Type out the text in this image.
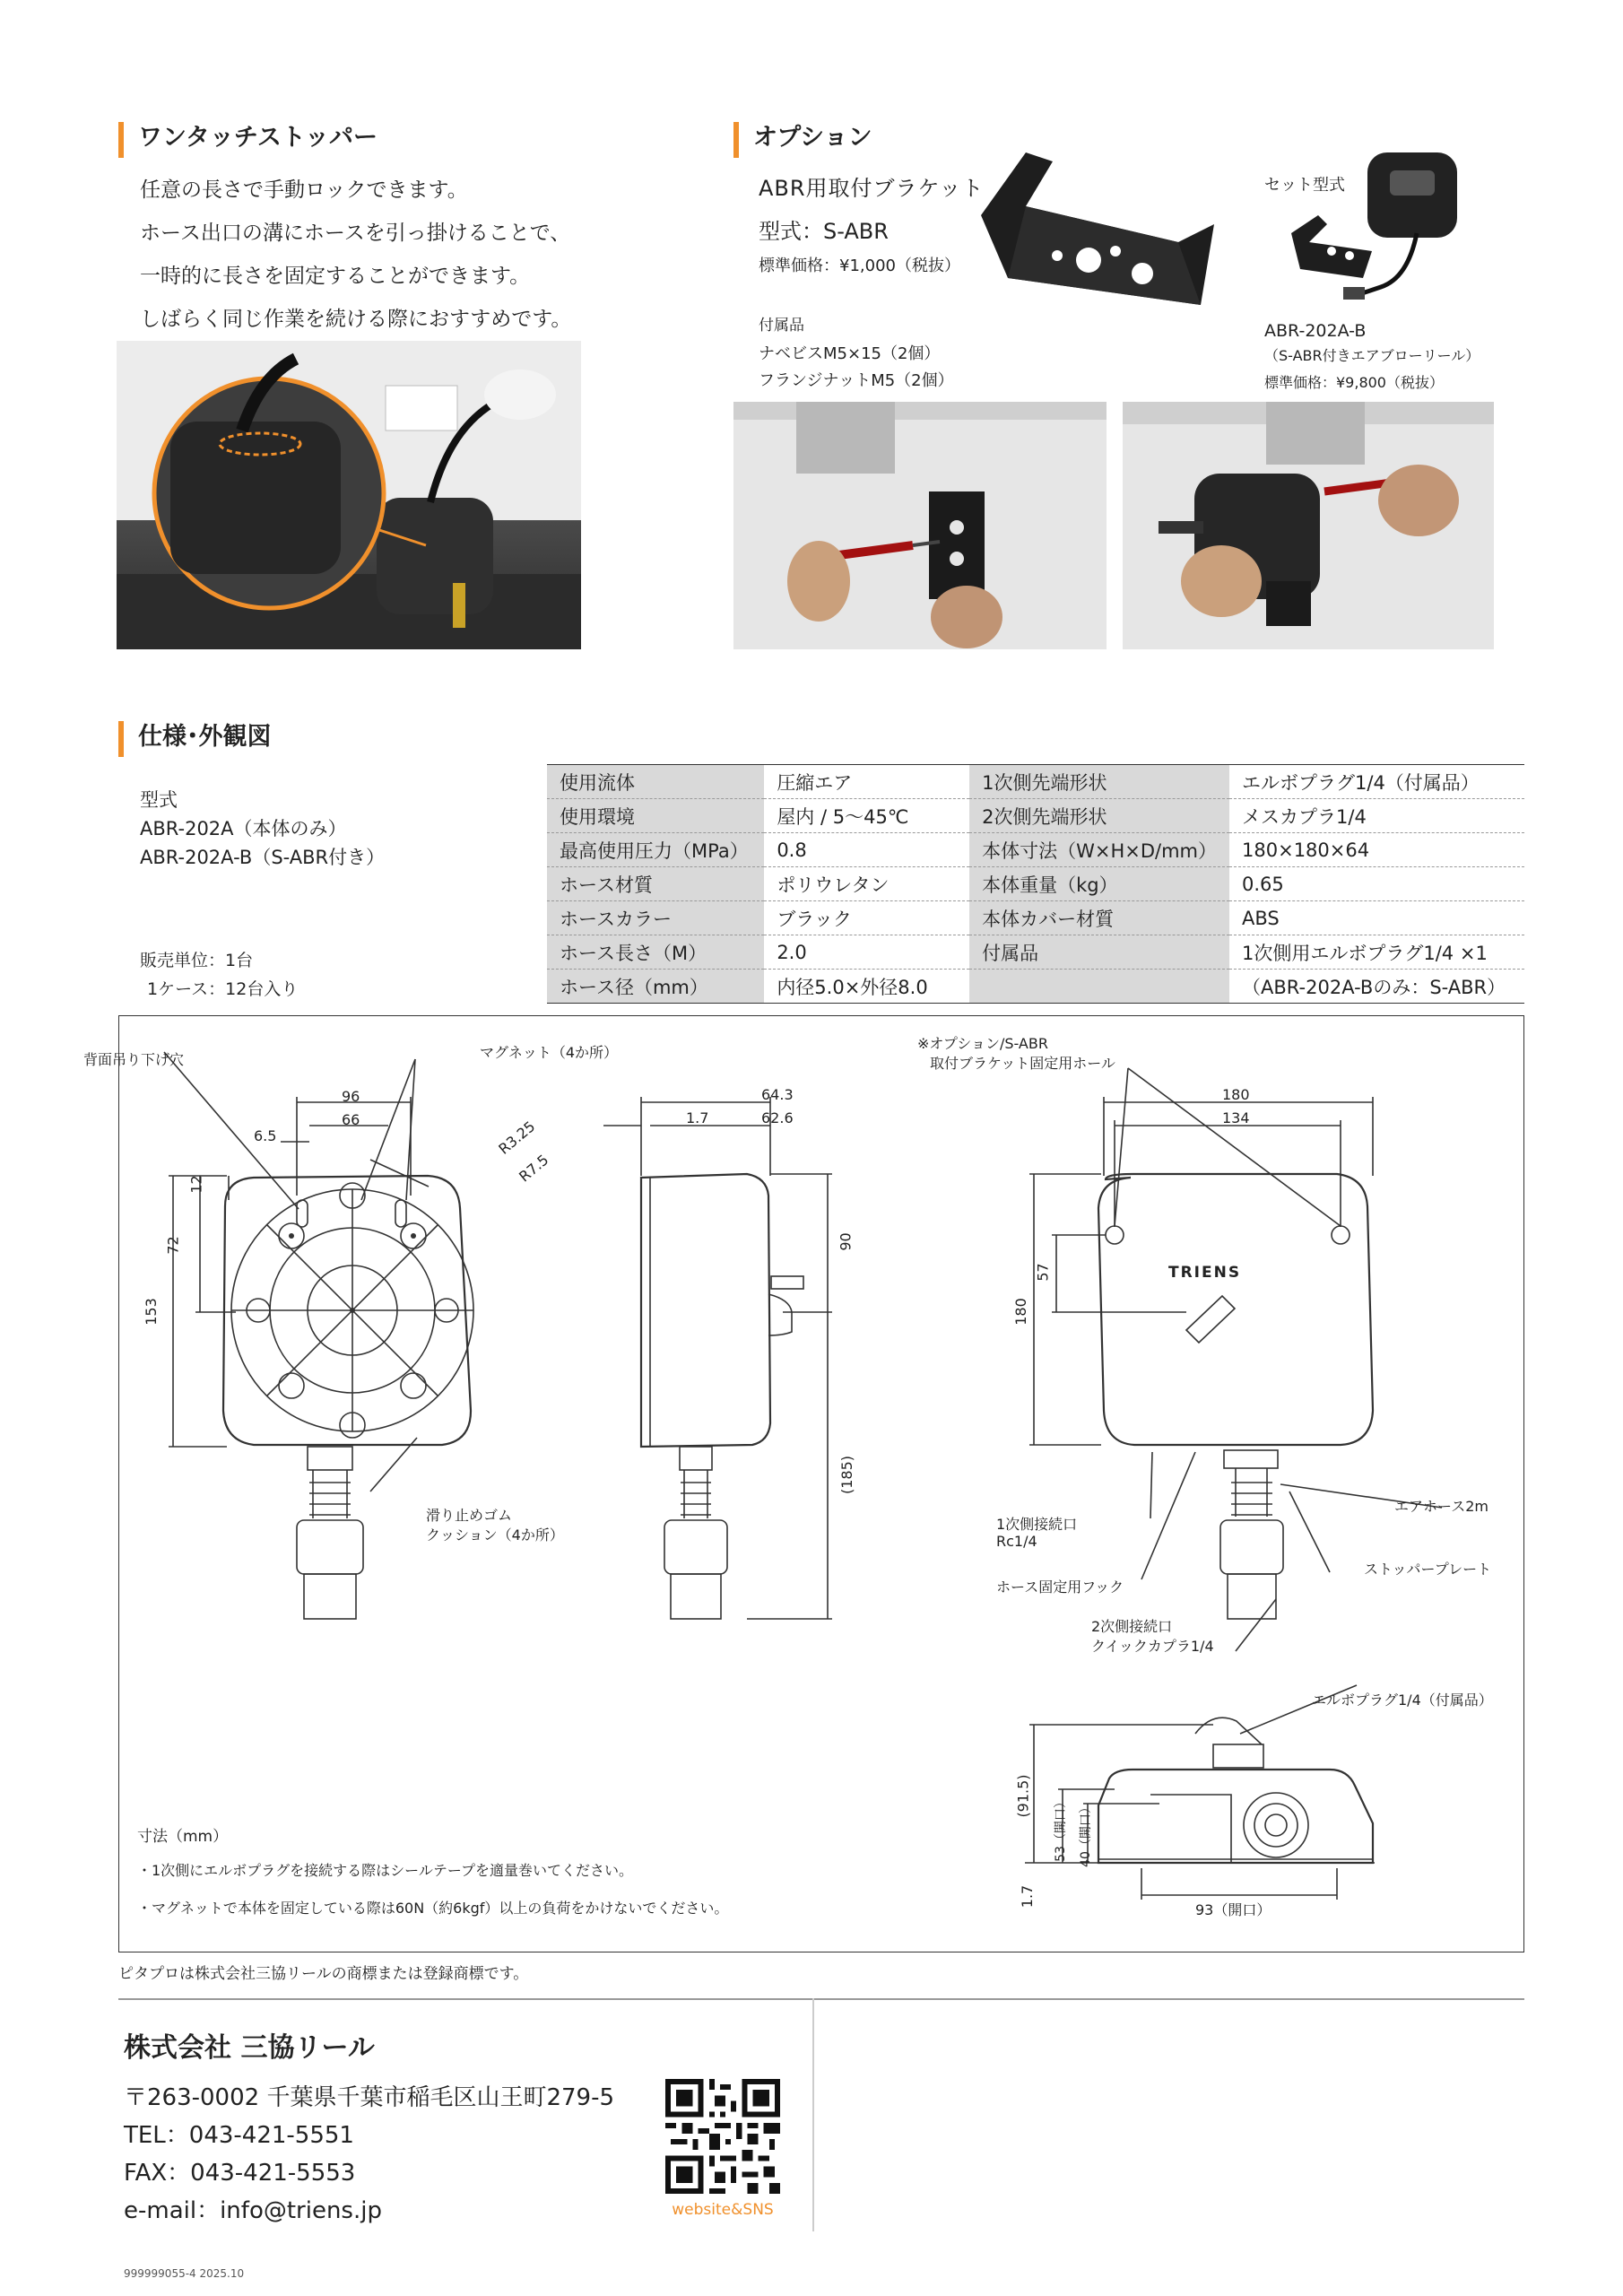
ワンタッチストッパー
任意の長さで手動ロックできます。
ホース出口の溝にホースを引っ掛けることで、
一時的に長さを固定することができます。
しばらく同じ作業を続ける際におすすめです。
オプション
ABR用取付ブラケット
型式：S-ABR
標準価格：¥1,000（税抜）
付属品
ナベビスM5×15（2個）
フランジナットM5（2個）
セット型式
ABR-202A-B
（S-ABR付きエアブローリール）
標準価格：¥9,800（税抜）
仕様･外観図
型式
ABR-202A（本体のみ）
ABR-202A-B（S-ABR付き）
販売単位：1台
1ケース：12台入り
使用流体	圧縮エア	1次側先端形状	エルボプラグ1/4（付属品）
使用環境	屋内 / 5～45℃	2次側先端形状	メスカプラ1/4
最高使用圧力（MPa）	0.8	本体寸法（W×H×D/mm）	180×180×64
ホース材質	ポリウレタン	本体重量（kg）	0.65
ホースカラー	ブラック	本体カバー材質	ABS
ホース長さ（M）	2.0	付属品	1次側用エルボプラグ1/4 ×1
ホース径（mm）	内径5.0×外径8.0		（ABR-202A-Bのみ：S-ABR）
背面吊り下げ穴	マグネット（4か所）
96
66
6.5
12
72
153
R3.25
R7.5
滑り止めゴム
クッション（4か所）
64.3
62.6
1.7
90
(185)
※オプション/S-ABR
取付ブラケット固定用ホール
180
134
57
180
TRIENS
エアホース2m
1次側接続口
Rc1/4
ストッパープレート
ホース固定用フック
2次側接続口
クイックカプラ1/4
エルボプラグ1/4（付属品）
(91.5) 53（開口） 40（開口）
1.7
93（開口）
寸法（mm）
・1次側にエルボプラグを接続する際はシールテープを適量巻いてください。
・マグネットで本体を固定している際は60N（約6kgf）以上の負荷をかけないでください。
ピタプロは株式会社三協リールの商標または登録商標です。
株式会社 三協リール
〒263-0002 千葉県千葉市稲毛区山王町279-5
TEL：043-421-5551
FAX：043-421-5553
e-mail：info@triens.jp	website&SNS
999999055-4 2025.10
